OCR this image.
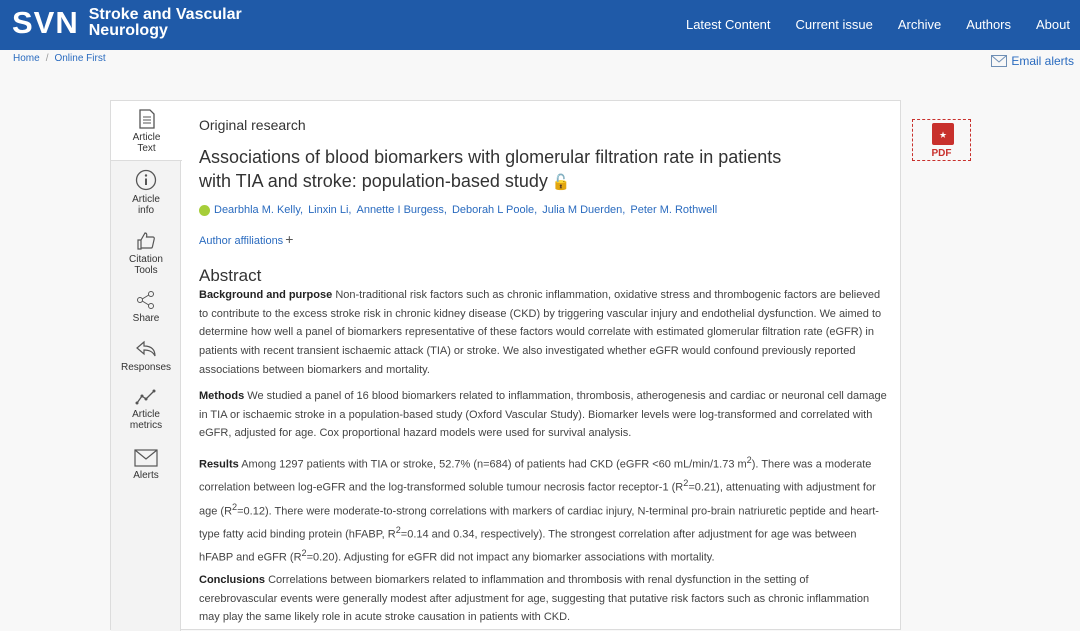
SVN Stroke and Vascular
Neurology	Latest Content Current issue Archive Authors About
Home / Online First	Email alerts
Article
Text
Article
info
Citation
Tools
Share
Responses
Article
metrics
Alerts
Original research
Associations of blood biomarkers with glomerular filtration rate in patients with TIA and stroke: population-based study 🔓
Dearbhla M. Kelly, Linxin Li, Annette I Burgess, Deborah L Poole, Julia M Duerden, Peter M. Rothwell
Author affiliations +
⭑
PDF
Abstract
Background and purpose Non-traditional risk factors such as chronic inflammation, oxidative stress and thrombogenic factors are believed to contribute to the excess stroke risk in chronic kidney disease (CKD) by triggering vascular injury and endothelial dysfunction. We aimed to determine how well a panel of biomarkers representative of these factors would correlate with estimated glomerular filtration rate (eGFR) in patients with recent transient ischaemic attack (TIA) or stroke. We also investigated whether eGFR would confound previously reported associations between biomarkers and mortality.
Methods We studied a panel of 16 blood biomarkers related to inflammation, thrombosis, atherogenesis and cardiac or neuronal cell damage in TIA or ischaemic stroke in a population-based study (Oxford Vascular Study). Biomarker levels were log-transformed and correlated with eGFR, adjusted for age. Cox proportional hazard models were used for survival analysis.
Results Among 1297 patients with TIA or stroke, 52.7% (n=684) of patients had CKD (eGFR <60 mL/min/1.73 $m^2$). There was a moderate correlation between log-eGFR and the log-transformed soluble tumour necrosis factor receptor-1 $(R^2=0.21)$, attenuating with adjustment for age $(R^2=0.12)$. There were moderate-to-strong correlations with markers of cardiac injury, N-terminal pro-brain natriuretic peptide and heart-type fatty acid binding protein (hFABP, $R^2=0.14$ and 0.34, respectively). The strongest correlation after adjustment for age was between hFABP and eGFR $(R^2=0.20)$. Adjusting for eGFR did not impact any biomarker associations with mortality.
Conclusions Correlations between biomarkers related to inflammation and thrombosis with renal dysfunction in the setting of cerebrovascular events were generally modest after adjustment for age, suggesting that putative risk factors such as chronic inflammation may play the same likely role in acute stroke causation in patients with CKD.
